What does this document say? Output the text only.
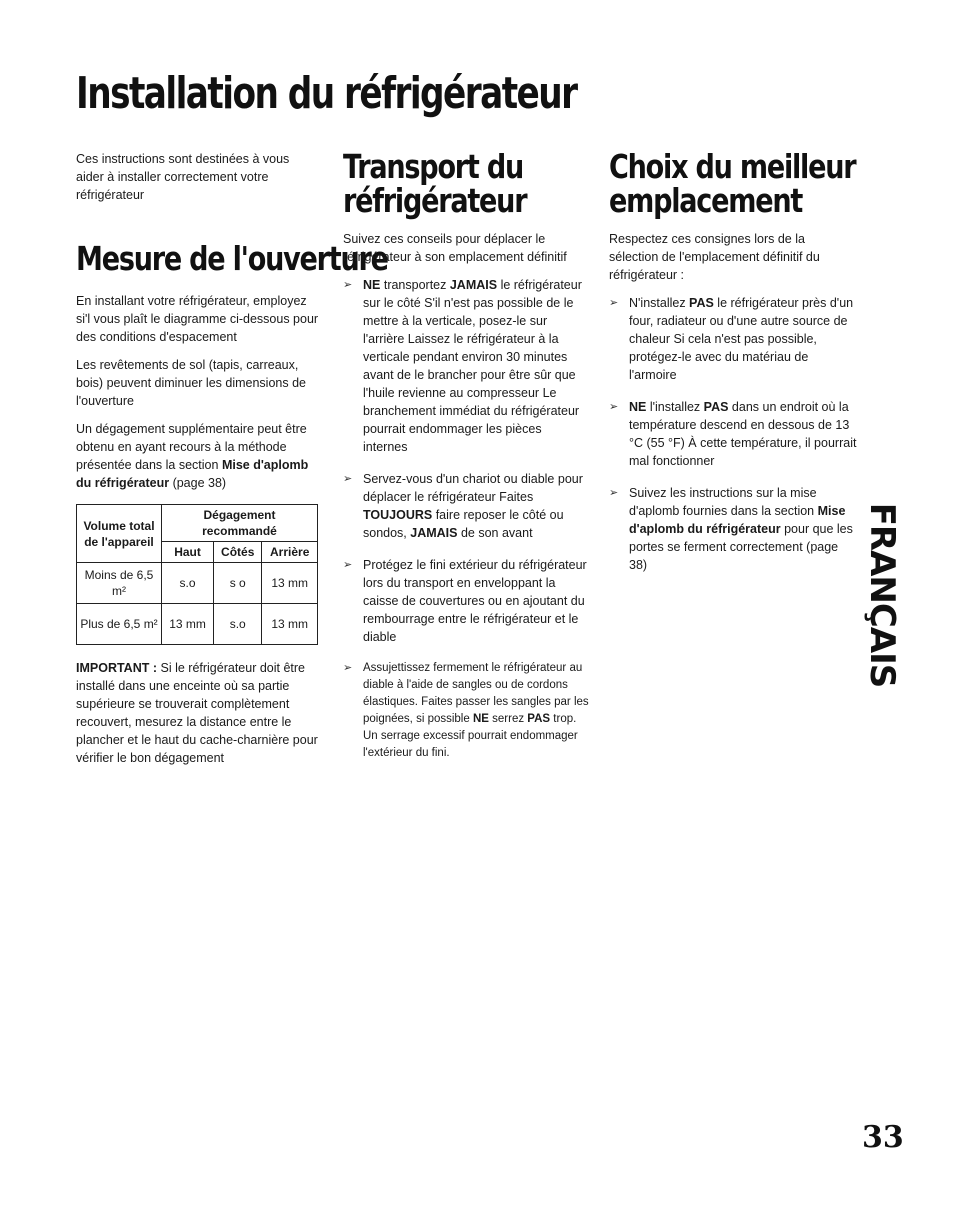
Installation du réfrigérateur

Ces instructions sont destinées à vous aider à installer correctement votre réfrigérateur

Mesure de l'ouverture

En installant votre réfrigérateur, employez si'l vous plaît le diagramme ci-dessous pour des conditions d'espacement

Les revêtements de sol (tapis, carreaux, bois) peuvent diminuer les dimensions de l'ouverture

Un dégagement supplémentaire peut être obtenu en ayant recours à la méthode présentée dans la section Mise d'aplomb du réfrigérateur (page 38)

Volume total de l'appareil	Dégagement recommandé		
	Haut	Côtés	Arrière
Moins de 6,5 m²	s.o	s o	13 mm
Plus de 6,5 m²	13 mm	s.o	13 mm

IMPORTANT : Si le réfrigérateur doit être installé dans une enceinte où sa partie supérieure se trouverait complètement recouvert, mesurez la distance entre le plancher et le haut du cache-charnière pour vérifier le bon dégagement

Transport du
réfrigérateur

Suivez ces conseils pour déplacer le réfrigérateur à son emplacement définitif

➢ NE transportez JAMAIS le réfrigérateur sur le côté S'il n'est pas possible de le mettre à la verticale, posez-le sur l'arrière Laissez le réfrigérateur à la verticale pendant environ 30 minutes avant de le brancher pour être sûr que l'huile revienne au compresseur Le branchement immédiat du réfrigérateur pourrait endommager les pièces internes
➢ Servez-vous d'un chariot ou diable pour déplacer le réfrigérateur Faites TOUJOURS faire reposer le côté ou sondos, JAMAIS de son avant
➢ Protégez le fini extérieur du réfrigérateur lors du transport en enveloppant la caisse de couvertures ou en ajoutant du rembourrage entre le réfrigérateur et le diable
➢ Assujettissez fermement le réfrigérateur au diable à l'aide de sangles ou de cordons élastiques. Faites passer les sangles par les poignées, si possible NE serrez PAS trop. Un serrage excessif pourrait endommager l'extérieur du fini.
Choix du meilleur
emplacement

Respectez ces consignes lors de la sélection de l'emplacement définitif du réfrigérateur :

➢ N'installez PAS le réfrigérateur près d'un four, radiateur ou d'une autre source de chaleur Si cela n'est pas possible, protégez-le avec du matériau de l'armoire
➢ NE l'installez PAS dans un endroit où la température descend en dessous de 13 °C (55 °F) À cette température, il pourrait mal fonctionner
➢ Suivez les instructions sur la mise d'aplomb fournies dans la section Mise d'aplomb du réfrigérateur pour que les portes se ferment correctement (page 38)	FRANÇAIS
33
